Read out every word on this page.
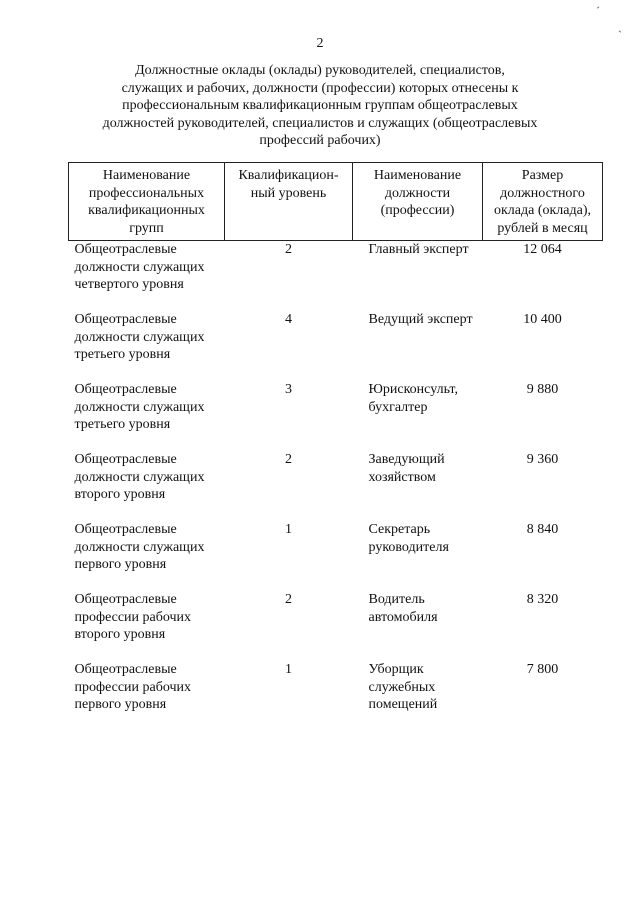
ˊ
ˋ
2
Должностные оклады (оклады) руководителей, специалистов,
служащих и рабочих, должности (профессии) которых отнесены к
профессиональным квалификационным группам общеотраслевых
должностей руководителей, специалистов и служащих (общеотраслевых
профессий рабочих)
Наименование профессиональных квалификационных групп	Квалификацион-ный уровень	Наименование должности (профессии)	Размер должностного оклада (оклада), рублей в месяц
Общеотраслевые должности служащих четвертого уровня	2	Главный эксперт	12 064
Общеотраслевые должности служащих третьего уровня	4	Ведущий эксперт	10 400
Общеотраслевые должности служащих третьего уровня	3	Юрисконсульт, бухгалтер	9 880
Общеотраслевые должности служащих второго уровня	2	Заведующий хозяйством	9 360
Общеотраслевые должности служащих первого уровня	1	Секретарь руководителя	8 840
Общеотраслевые профессии рабочих второго уровня	2	Водитель автомобиля	8 320
Общеотраслевые профессии рабочих первого уровня	1	Уборщик служебных помещений	7 800
